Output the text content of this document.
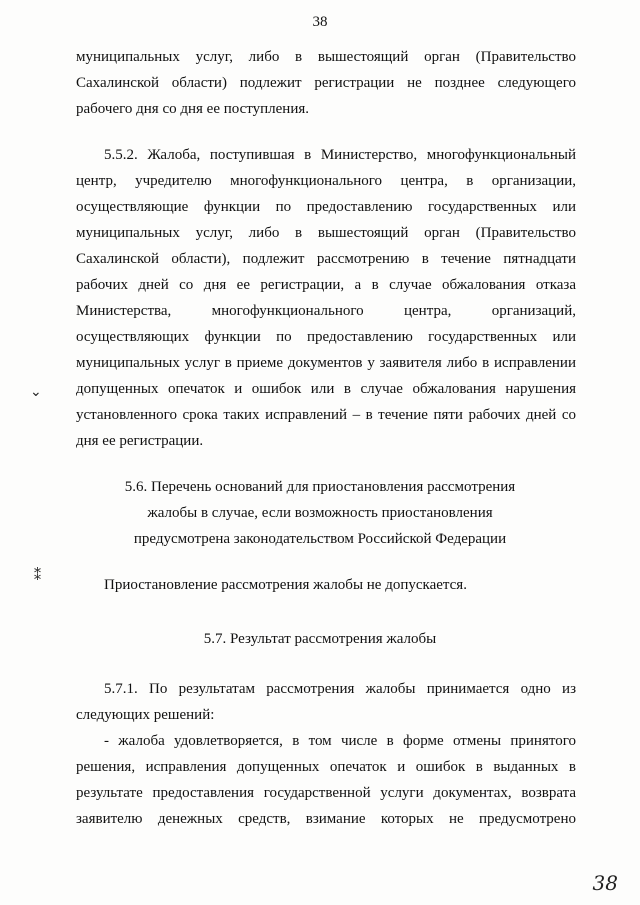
38
муниципальных услуг, либо в вышестоящий орган (Правительство
Сахалинской области) подлежит регистрации не позднее следующего
рабочего дня со дня ее поступления.
5.5.2. Жалоба, поступившая в Министерство, многофункциональный
центр, учредителю многофункционального центра, в организации,
осуществляющие функции по предоставлению государственных или
муниципальных услуг, либо в вышестоящий орган (Правительство
Сахалинской области), подлежит рассмотрению в течение пятнадцати
рабочих дней со дня ее регистрации, а в случае обжалования отказа
Министерства, многофункционального центра, организаций,
осуществляющих функции по предоставлению государственных или
муниципальных услуг в приеме документов у заявителя либо в исправлении
допущенных опечаток и ошибок или в случае обжалования нарушения
установленного срока таких исправлений – в течение пяти рабочих дней со
дня ее регистрации.
5.6. Перечень оснований для приостановления рассмотрения
жалобы в случае, если возможность приостановления
предусмотрена законодательством Российской Федерации
Приостановление рассмотрения жалобы не допускается.
5.7. Результат рассмотрения жалобы
5.7.1. По результатам рассмотрения жалобы принимается одно из
следующих решений:
- жалоба удовлетворяется, в том числе в форме отмены принятого
решения, исправления допущенных опечаток и ошибок в выданных в
результате предоставления государственной услуги документах, возврата
заявителю денежных средств, взимание которых не предусмотрено
⌄
⁑
38
